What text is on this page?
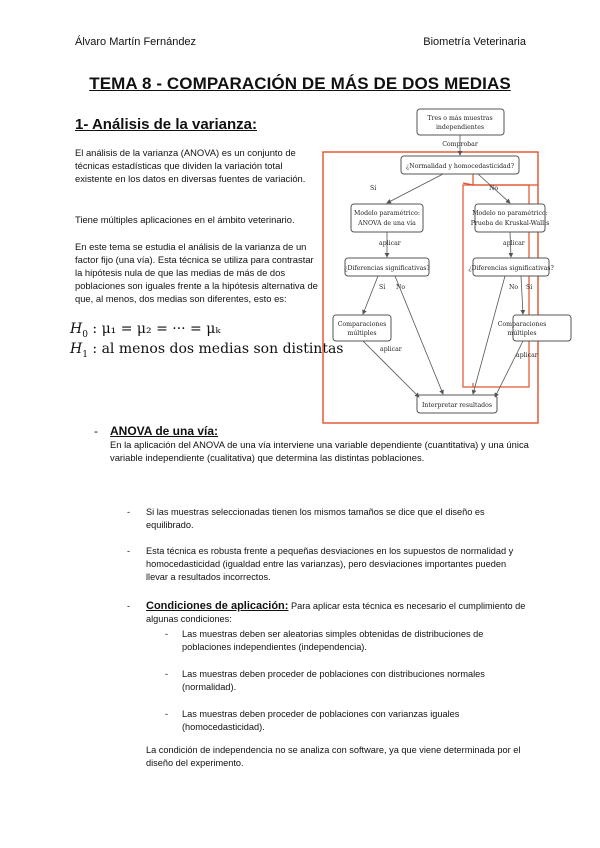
Álvaro Martín Fernández	Biometría Veterinaria
TEMA 8 - COMPARACIÓN DE MÁS DE DOS MEDIAS
1- Análisis de la varianza:
El análisis de la varianza (ANOVA) es un conjunto de técnicas estadísticas que dividen la variación total existente en los datos en diversas fuentes de variación.
Tiene múltiples aplicaciones en el ámbito veterinario.
En este tema se estudia el análisis de la varianza de un factor fijo (una vía). Esta técnica se utiliza para contrastar la hipótesis nula de que las medias de más de dos poblaciones son iguales frente a la hipótesis alternativa de que, al menos, dos medias son diferentes, esto es:
$H_0$ : μ₁ = μ₂ = ··· = μₖ
$H_1$ : al menos dos medias son distintas
Tres o más muestras
independientes
Comprobar
¿Normalidad y homocedasticidad?
Sí	No
Modelo paramétrico:
ANOVA de una vía
Modelo no paramétrico:
Prueba de Kruskal-Wallis
aplicar	aplicar
¿Diferencias significativas?	¿Diferencias significativas?
Sí No	No Sí
Comparaciones
múltiples
Comparaciones
múltiples
aplicar
aplicar
Interpretar resultados
- ANOVA de una vía:
En la aplicación del ANOVA de una vía interviene una variable dependiente (cuantitativa) y una única variable independiente (cualitativa) que determina las distintas poblaciones.
- Si las muestras seleccionadas tienen los mismos tamaños se dice que el diseño es equilibrado.
- Esta técnica es robusta frente a pequeñas desviaciones en los supuestos de normalidad y homocedasticidad (igualdad entre las varianzas), pero desviaciones importantes pueden llevar a resultados incorrectos.
- Condiciones de aplicación: Para aplicar esta técnica es necesario el cumplimiento de algunas condiciones:
- Las muestras deben ser aleatorias simples obtenidas de distribuciones de poblaciones independientes (independencia).
- Las muestras deben proceder de poblaciones con distribuciones normales (normalidad).
- Las muestras deben proceder de poblaciones con varianzas iguales (homocedasticidad).
La condición de independencia no se analiza con software, ya que viene determinada por el diseño del experimento.
